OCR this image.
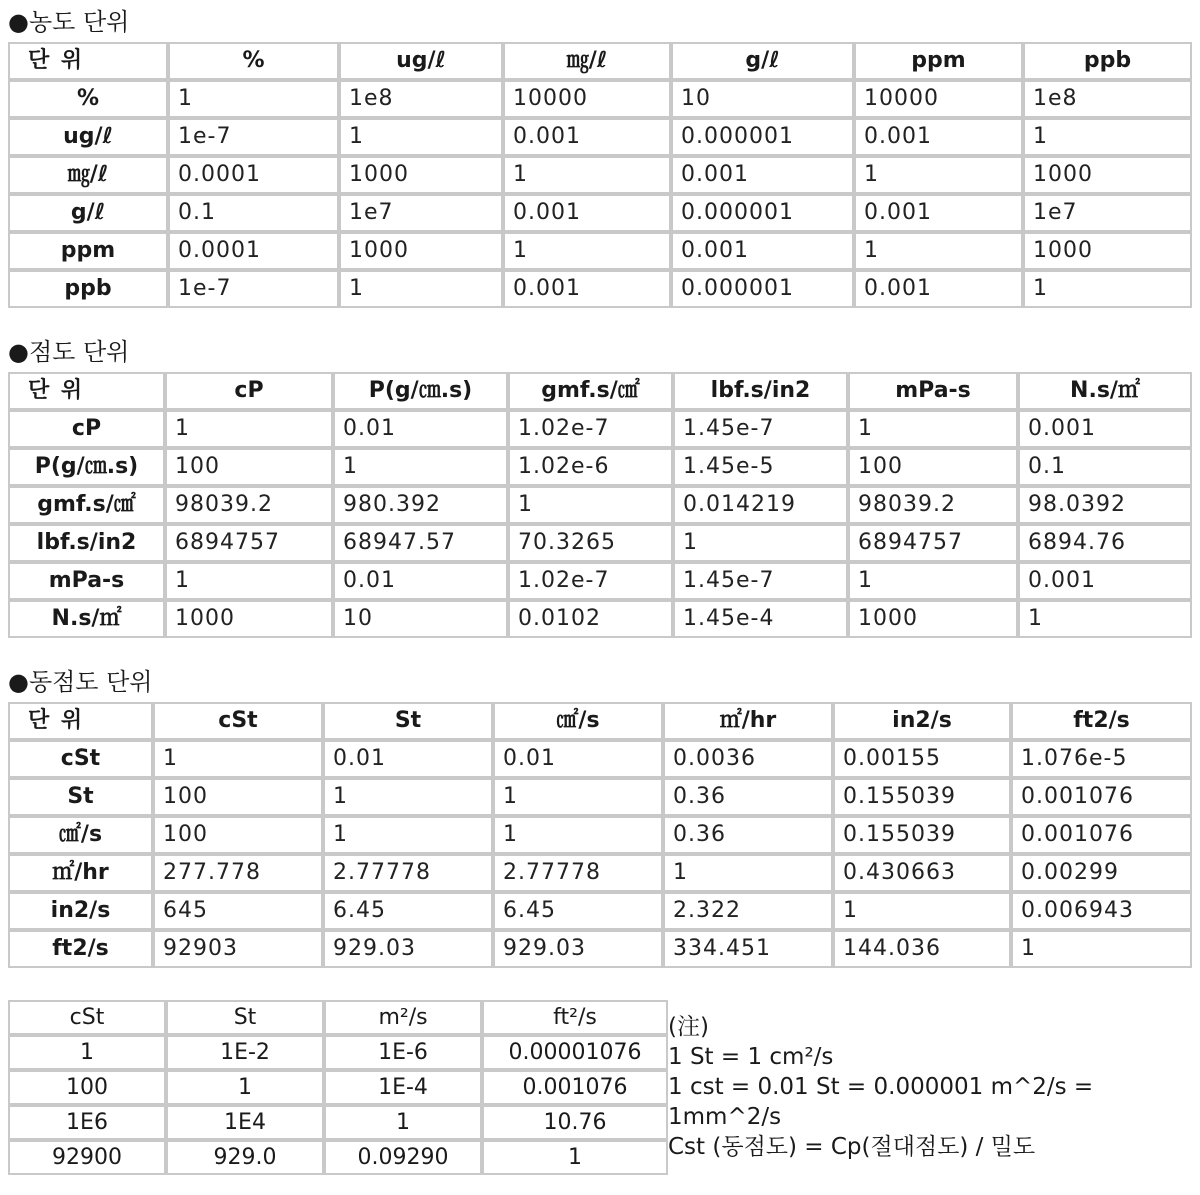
●농도 단위
단 위	%	ug/ℓ	㎎/ℓ	g/ℓ	ppm	ppb
%	1	1e8	10000	10	10000	1e8
ug/ℓ	1e-7	1	0.001	0.000001	0.001	1
㎎/ℓ	0.0001	1000	1	0.001	1	1000
g/ℓ	0.1	1e7	0.001	0.000001	0.001	1e7
ppm	0.0001	1000	1	0.001	1	1000
ppb	1e-7	1	0.001	0.000001	0.001	1
●점도 단위
단 위	cP	P(g/㎝.s)	gmf.s/㎠	lbf.s/in2	mPa-s	N.s/㎡
cP	1	0.01	1.02e-7	1.45e-7	1	0.001
P(g/㎝.s)	100	1	1.02e-6	1.45e-5	100	0.1
gmf.s/㎠	98039.2	980.392	1	0.014219	98039.2	98.0392
lbf.s/in2	6894757	68947.57	70.3265	1	6894757	6894.76
mPa-s	1	0.01	1.02e-7	1.45e-7	1	0.001
N.s/㎡	1000	10	0.0102	1.45e-4	1000	1
●동점도 단위
단 위	cSt	St	㎠/s	㎡/hr	in2/s	ft2/s
cSt	1	0.01	0.01	0.0036	0.00155	1.076e-5
St	100	1	1	0.36	0.155039	0.001076
㎠/s	100	1	1	0.36	0.155039	0.001076
㎡/hr	277.778	2.77778	2.77778	1	0.430663	0.00299
in2/s	645	6.45	6.45	2.322	1	0.006943
ft2/s	92903	929.03	929.03	334.451	144.036	1
cSt	St	m²/s	ft²/s
1	1E-2	1E-6	0.00001076
100	1	1E-4	0.001076
1E6	1E4	1	10.76
92900	929.0	0.09290	1
(注)
1 St = 1 cm²/s
1 cst = 0.01 St = 0.000001 m^2/s =
1mm^2/s
Cst (동점도) = Cp(절대점도) / 밀도
